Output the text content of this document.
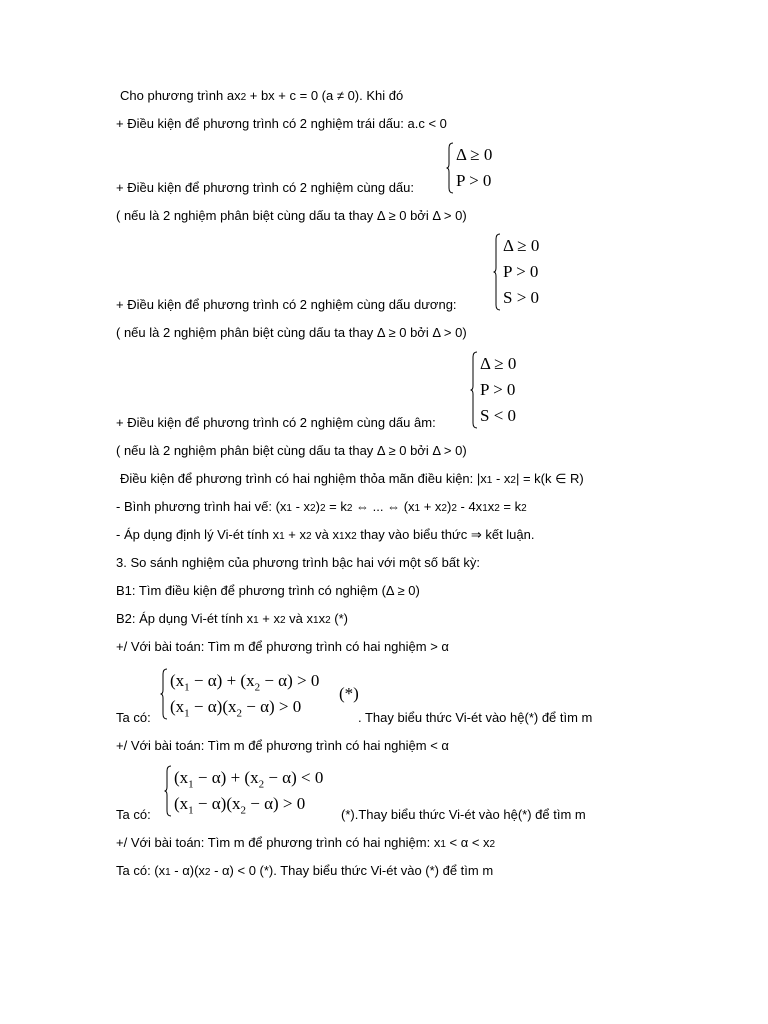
Cho phương trình ax2 + bx + c = 0 (a ≠ 0). Khi đó
+ Điều kiện để phương trình có 2 nghiệm trái dấu: a.c < 0
Δ ≥ 0
P > 0
+ Điều kiện để phương trình có 2 nghiệm cùng dấu:
( nếu là 2 nghiệm phân biệt cùng dấu ta thay Δ ≥ 0 bởi Δ > 0)
Δ ≥ 0
P > 0
S > 0
+ Điều kiện để phương trình có 2 nghiệm cùng dấu dương:
( nếu là 2 nghiệm phân biệt cùng dấu ta thay Δ ≥ 0 bởi Δ > 0)
Δ ≥ 0
P > 0
S < 0
+ Điều kiện để phương trình có 2 nghiệm cùng dấu âm:
( nếu là 2 nghiệm phân biệt cùng dấu ta thay Δ ≥ 0 bởi Δ > 0)
Điều kiện để phương trình có hai nghiệm thỏa mãn điều kiện: |x1 - x2| = k(k ∈ R)
- Bình phương trình hai vế: (x1 - x2)2 = k2 ⇔ ... ⇔ (x1 + x2)2 - 4x1x2 = k2
- Áp dụng định lý Vi-ét tính x1 + x2 và x1x2 thay vào biểu thức ⇒ kết luận.
3. So sánh nghiệm của phương trình bậc hai với một số bất kỳ:
B1: Tìm điều kiện để phương trình có nghiệm (Δ ≥ 0)
B2: Áp dụng Vi-ét tính x1 + x2 và x1x2 (*)
+/ Với bài toán: Tìm m để phương trình có hai nghiệm > α
$(x_1 - \alpha) + (x_2 - \alpha) > 0$
$(x_1 - \alpha)(x_2 - \alpha) > 0$
(*)
Ta có:	. Thay biểu thức Vi-ét vào hệ(*) để tìm m
+/ Với bài toán: Tìm m để phương trình có hai nghiệm < α
$(x_1 - \alpha) + (x_2 - \alpha) < 0$
$(x_1 - \alpha)(x_2 - \alpha) > 0$
Ta có:	(*).Thay biểu thức Vi-ét vào hệ(*) để tìm m
+/ Với bài toán: Tìm m để phương trình có hai nghiệm: x1 < α < x2
Ta có: (x1 - α)(x2 - α) < 0 (*). Thay biểu thức Vi-ét vào (*) để tìm m
